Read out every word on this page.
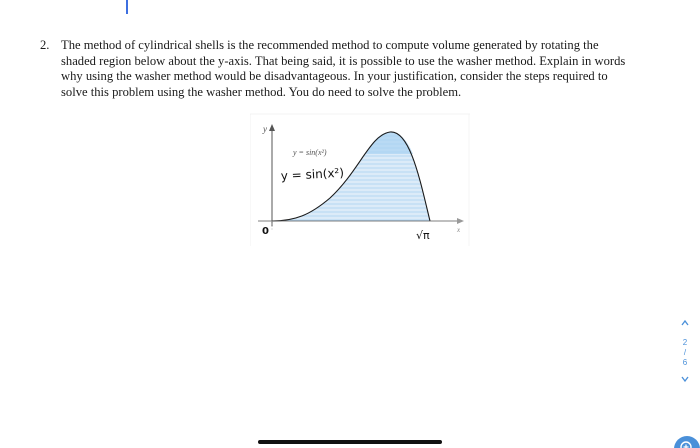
2. The method of cylindrical shells is the recommended method to compute volume generated by rotating the
shaded region below about the y-axis. That being said, it is possible to use the washer method. Explain in words
why using the washer method would be disadvantageous. In your justification, consider the steps required to
solve this problem using the washer method. You do need to solve the problem.
y
y = sin(x²)
y = sin(x²)
0	√π	x
2
/
6
